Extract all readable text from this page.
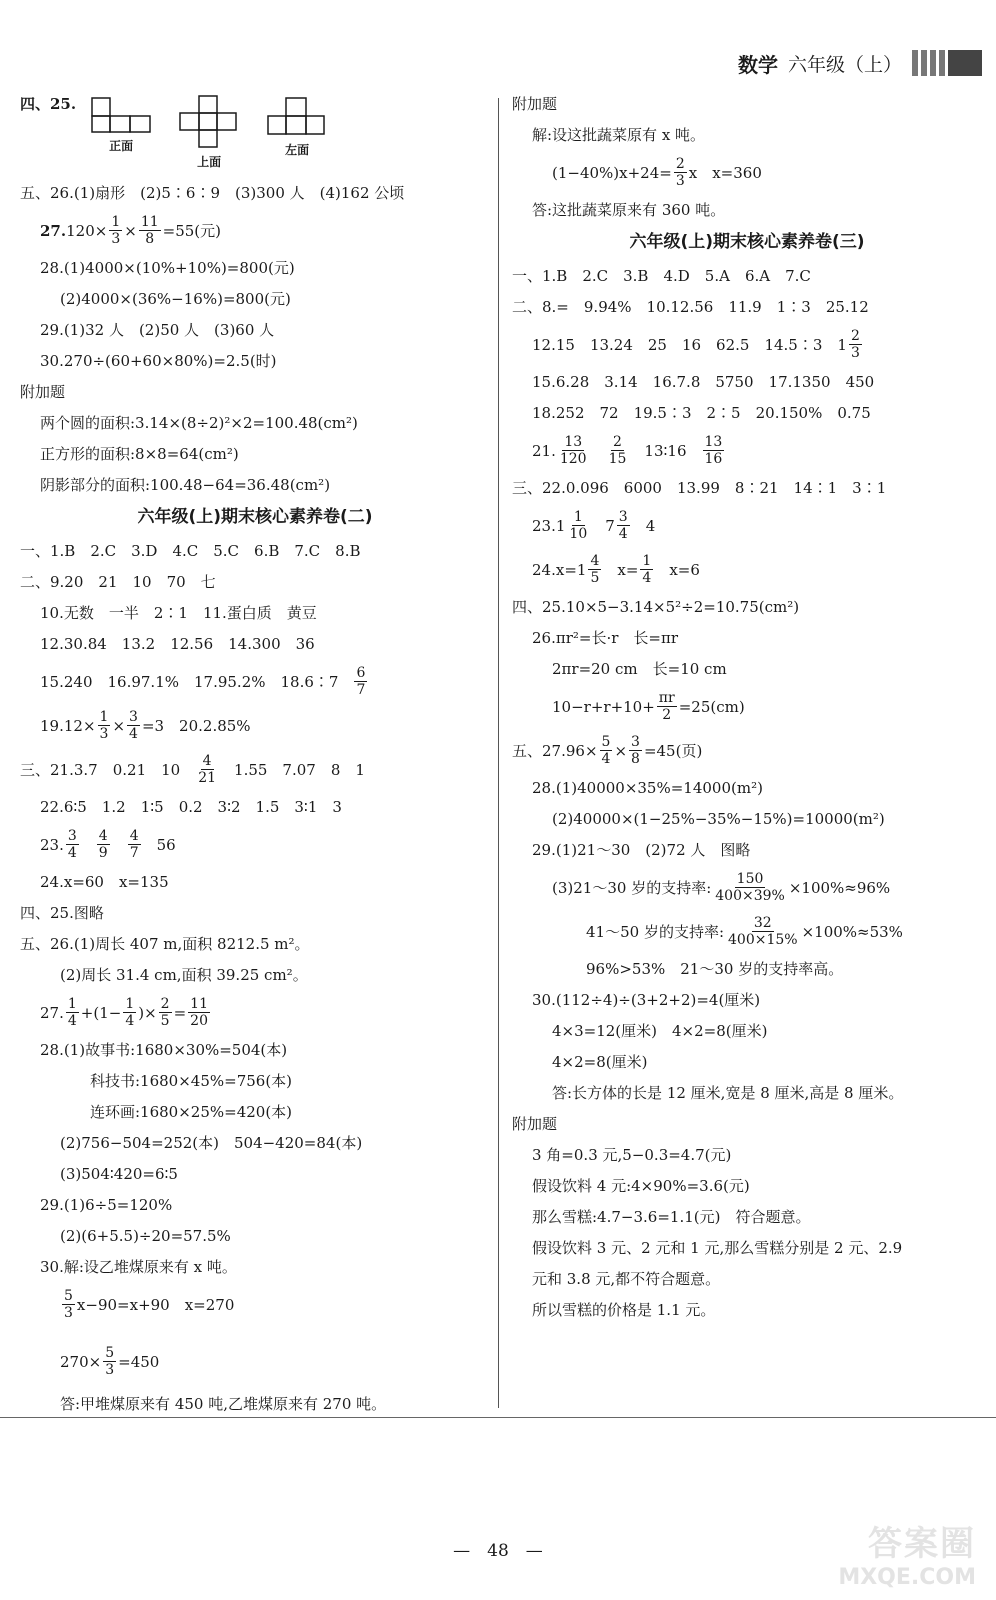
数学 六年级（上）
四、25.
正面
上面
左面
五、26.(1)扇形　(2)5∶6∶9　(3)300 人　(4)162 公顷
27. $120\times \frac{1}{3} \times \frac{11}{8} =55$(元)
28.(1)4000×(10%+10%)=800(元)
(2)4000×(36%−16%)=800(元)
29.(1)32 人　(2)50 人　(3)60 人
30.270÷(60+60×80%)=2.5(时)
附加题
两个圆的面积:3.14×(8÷2)²×2=100.48(cm²)
正方形的面积:8×8=64(cm²)
阴影部分的面积:100.48−64=36.48(cm²)
六年级(上)期末核心素养卷(二)
一、1.B　2.C　3.D　4.C　5.C　6.B　7.C　8.B
二、9.20　21　10　70　七
10.无数　一半　2∶1　11.蛋白质　黄豆
12.30.84　13.2　12.56　14.300　36
15.240　16.97.1%　17.95.2%　18.6∶7 6
7
$19.12\times \frac{1}{3} \times \frac{3}{4} =3$　20.2.85%
三、21.3.7　0.21　10 4
21 1.55　7.07　8　1
22.6∶5　1.2　1∶5　0.2　3∶2　1.5　3∶1　3
23. 3
4
4
9
4
7 56
24.x=60　x=135
四、25.图略
五、26.(1)周长 407 m,面积 8212.5 m²。
(2)周长 31.4 cm,面积 39.25 cm²。
27. 1
$4 +(1- \frac{1}{4}$ )× $\frac{2}{5} = \frac{11}{20}$
28.(1)故事书:1680×30%=504(本)
科技书:1680×45%=756(本)
连环画:1680×25%=420(本)
(2)756−504=252(本)　504−420=84(本)
(3)504∶420=6∶5
29.(1)6÷5=120%
(2)(6+5.5)÷20=57.5%
30.解:设乙堆煤原来有 x 吨。
5
3 x−90=x+90　x=270
$270\times \frac{5}{3} =450$
答:甲堆煤原来有 450 吨,乙堆煤原来有 270 吨。
附加题
解:设这批蔬菜原有 x 吨。
$(1-40\%)x+24= \frac{2}{3}$ x　x=360
答:这批蔬菜原来有 360 吨。
六年级(上)期末核心素养卷(三)
一、1.B　2.C　3.B　4.D　5.A　6.A　7.C
二、8.=　9.94%　10.12.56　11.9　1∶3　25.12
12.15　13.24　25　16　62.5　14.5∶3　1 2
3
15.6.28　3.14　16.7.8　5750　17.1350　450
18.252　72　19.5∶3　2∶5　20.150%　0.75
21. 13
120
2
15 13∶16 13
16
三、22.0.096　6000　13.99　8∶21　14∶1　3∶1
23. 1 1
10 7 3
4 4
24.x=1 4
5 $x= \frac{1}{4} x=6$
四、25.10×5−3.14×5²÷2=10.75(cm²)
26.πr²=长·r　长=πr
2πr=20 cm　长=10 cm
$10-r+r+10+ \frac{\pi r}{2} =25(cm)$
五、$27.96\times \frac{5}{4} \times \frac{3}{8} =45$(页)
28.(1)40000×35%=14000(m²)
(2)40000×(1−25%−35%−15%)=10000(m²)
29.(1)21～30　(2)72 人　图略
(3)21～30 岁的支持率: $\frac{150}{400\times 39\%} \times 100\%\approx 96\%$
41～50 岁的支持率: $\frac{32}{400\times 15\%} \times 100\%\approx 53\%$
96%>53%　21～30 岁的支持率高。
30.(112÷4)÷(3+2+2)=4(厘米)
4×3=12(厘米)　4×2=8(厘米)
4×2=8(厘米)
答:长方体的长是 12 厘米,宽是 8 厘米,高是 8 厘米。
附加题
3 角=0.3 元,5−0.3=4.7(元)
假设饮料 4 元:4×90%=3.6(元)
那么雪糕:4.7−3.6=1.1(元)　符合题意。
假设饮料 3 元、2 元和 1 元,那么雪糕分别是 2 元、2.9
元和 3.8 元,都不符合题意。
所以雪糕的价格是 1.1 元。
—　48　—	答案圈
MXQE.COM
